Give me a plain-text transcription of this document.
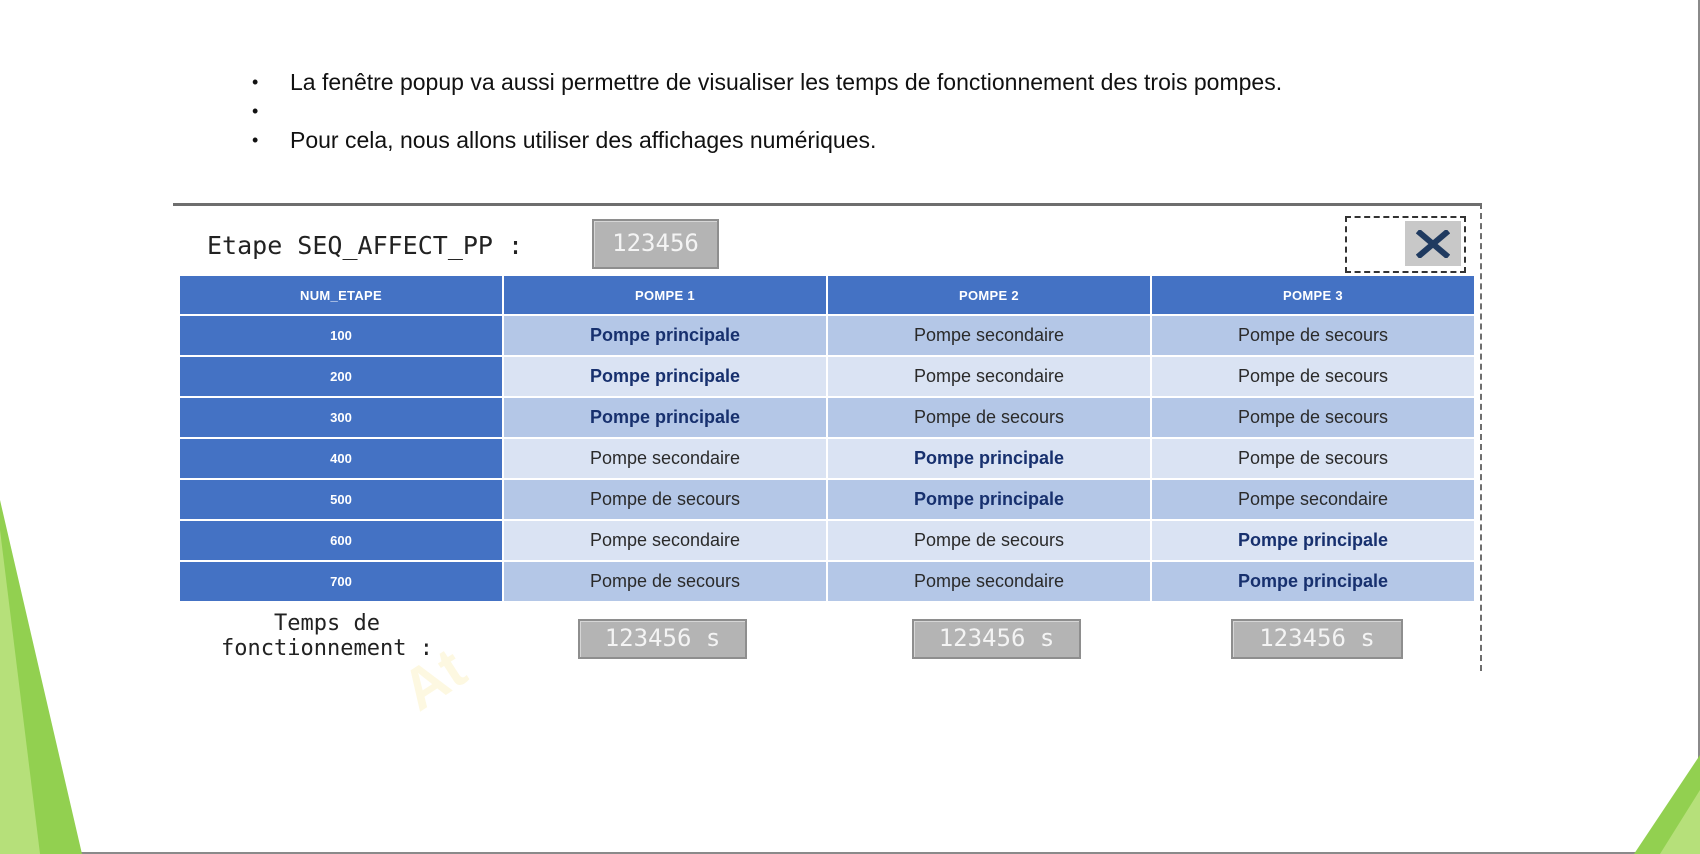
• La fenêtre popup va aussi permettre de visualiser les temps de fonctionnement des trois pompes.
•
• Pour cela, nous allons utiliser des affichages numériques.
Etape SEQ_AFFECT_PP :	123456
NUM_ETAPE	POMPE 1	POMPE 2	POMPE 3
100	Pompe principale	Pompe secondaire	Pompe de secours
200	Pompe principale	Pompe secondaire	Pompe de secours
300	Pompe principale	Pompe de secours	Pompe de secours
400	Pompe secondaire	Pompe principale	Pompe de secours
500	Pompe de secours	Pompe principale	Pompe secondaire
600	Pompe secondaire	Pompe de secours	Pompe principale
700	Pompe de secours	Pompe secondaire	Pompe principale
Temps de
fonctionnement :	123456 s	123456 s	123456 s
At
